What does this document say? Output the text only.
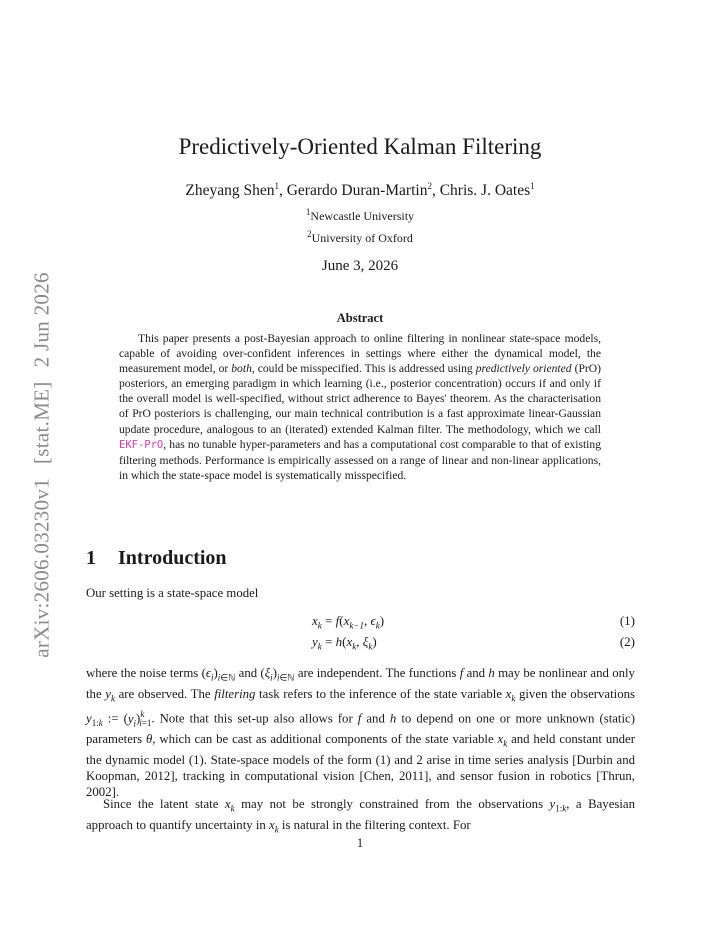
arXiv:2606.03230v1[stat.ME]2 Jun 2026
Predictively-Oriented Kalman Filtering
Zheyang Shen$^1$, Gerardo Duran-Martin$^2$, Chris. J. Oates$^1$
$^1$Newcastle University
$^2$University of Oxford
June 3, 2026
Abstract
This paper presents a post-Bayesian approach to online filtering in nonlinear state-space models, capable of avoiding over-confident inferences in settings where either the dynamical model, the measurement model, or both, could be misspecified. This is addressed using predictively oriented (PrO) posteriors, an emerging paradigm in which learning (i.e., posterior concentration) occurs if and only if the overall model is well-specified, without strict adherence to Bayes' theorem. As the characterisation of PrO posteriors is challenging, our main technical contribution is a fast approximate linear-Gaussian update procedure, analogous to an (iterated) extended Kalman filter. The methodology, which we call EKF-PrO, has no tunable hyper-parameters and has a computational cost comparable to that of existing filtering methods. Performance is empirically assessed on a range of linear and non-linear applications, in which the state-space model is systematically misspecified.
1 Introduction
Our setting is a state-space model
$x_k = f(x_{k-1}$, $\epsilon_k$)	(1)
$y_k = h(x_k$, $\xi_k$)	(2)
where the noise terms $(\epsilon_i)_{i\in ℕ}$ and $(\xi_i)_{i\in ℕ}$ are independent. The functions f and h may be nonlinear and only the $y_k$ are observed. The filtering task refers to the inference of the state variable $x_k$ given the observations $y_{1:k}$ := $(y_i)^k_{i=1}$. Note that this set-up also allows for f and h to depend on one or more unknown (static) parameters θ, which can be cast as additional components of the state variable $x_k$ and held constant under the dynamic model (1). State-space models of the form (1) and 2 arise in time series analysis [Durbin and Koopman, 2012], tracking in computational vision [Chen, 2011], and sensor fusion in robotics [Thrun, 2002].
Since the latent state $x_k$ may not be strongly constrained from the observations $y_{1:k}$, a Bayesian approach to quantify uncertainty in $x_k$ is natural in the filtering context. For
1
